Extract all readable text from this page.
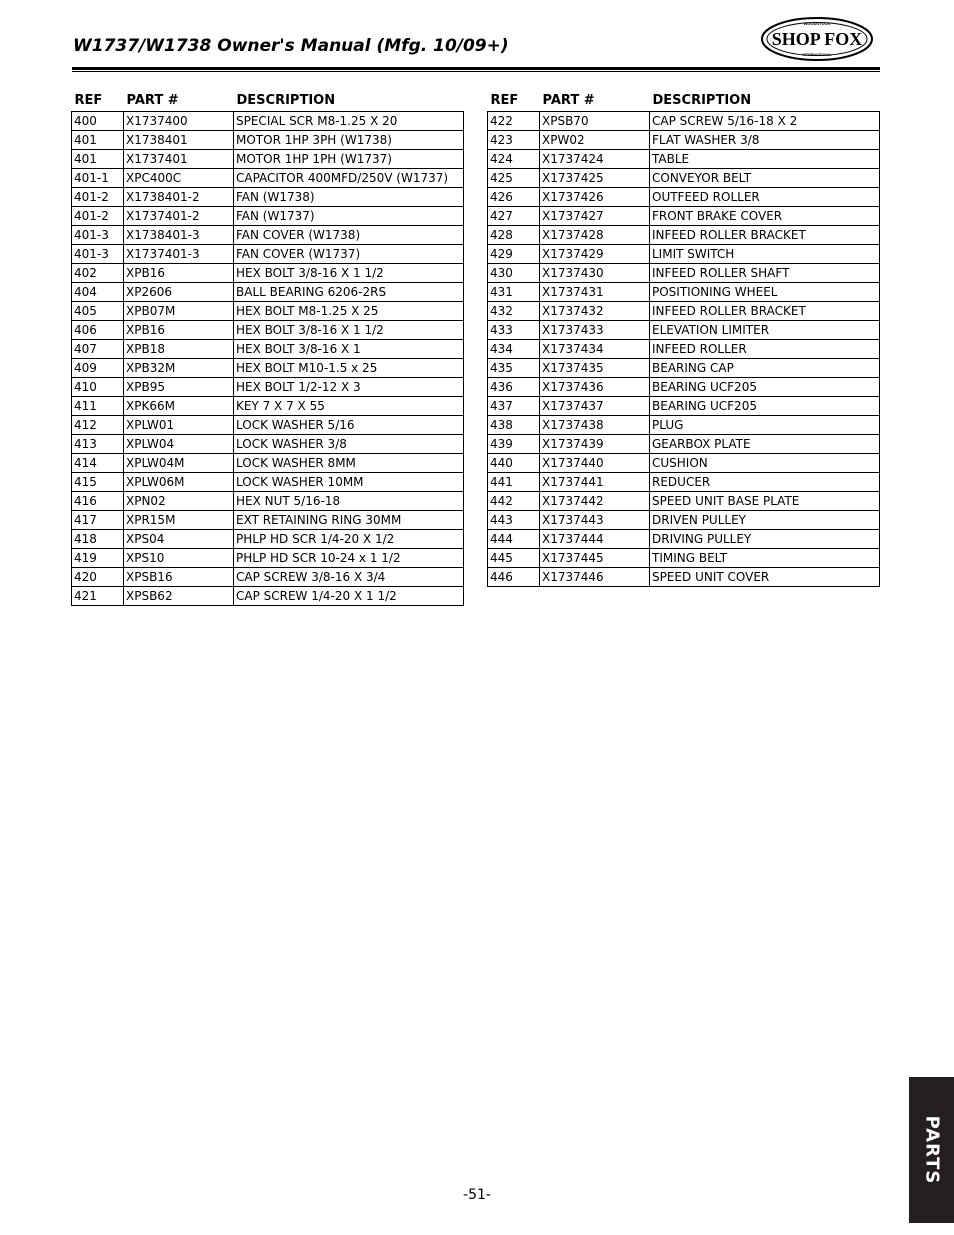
W1737/W1738 Owner's Manual (Mfg. 10/09+)
WOODSTOCK
SHOP FOX
INTERNATIONAL
REF	PART #	DESCRIPTION
400	X1737400	SPECIAL SCR M8-1.25 X 20
401	X1738401	MOTOR 1HP 3PH (W1738)
401	X1737401	MOTOR 1HP 1PH (W1737)
401-1	XPC400C	CAPACITOR 400MFD/250V (W1737)
401-2	X1738401-2	FAN (W1738)
401-2	X1737401-2	FAN (W1737)
401-3	X1738401-3	FAN COVER (W1738)
401-3	X1737401-3	FAN COVER (W1737)
402	XPB16	HEX BOLT 3/8-16 X 1 1/2
404	XP2606	BALL BEARING 6206-2RS
405	XPB07M	HEX BOLT M8-1.25 X 25
406	XPB16	HEX BOLT 3/8-16 X 1 1/2
407	XPB18	HEX BOLT 3/8-16 X 1
409	XPB32M	HEX BOLT M10-1.5 x 25
410	XPB95	HEX BOLT 1/2-12 X 3
411	XPK66M	KEY 7 X 7 X 55
412	XPLW01	LOCK WASHER 5/16
413	XPLW04	LOCK WASHER 3/8
414	XPLW04M	LOCK WASHER 8MM
415	XPLW06M	LOCK WASHER 10MM
416	XPN02	HEX NUT 5/16-18
417	XPR15M	EXT RETAINING RING 30MM
418	XPS04	PHLP HD SCR 1/4-20 X 1/2
419	XPS10	PHLP HD SCR 10-24 x 1 1/2
420	XPSB16	CAP SCREW 3/8-16 X 3/4
421	XPSB62	CAP SCREW 1/4-20 X 1 1/2
REF	PART #	DESCRIPTION
422	XPSB70	CAP SCREW 5/16-18 X 2
423	XPW02	FLAT WASHER 3/8
424	X1737424	TABLE
425	X1737425	CONVEYOR BELT
426	X1737426	OUTFEED ROLLER
427	X1737427	FRONT BRAKE COVER
428	X1737428	INFEED ROLLER BRACKET
429	X1737429	LIMIT SWITCH
430	X1737430	INFEED ROLLER SHAFT
431	X1737431	POSITIONING WHEEL
432	X1737432	INFEED ROLLER BRACKET
433	X1737433	ELEVATION LIMITER
434	X1737434	INFEED ROLLER
435	X1737435	BEARING CAP
436	X1737436	BEARING UCF205
437	X1737437	BEARING UCF205
438	X1737438	PLUG
439	X1737439	GEARBOX PLATE
440	X1737440	CUSHION
441	X1737441	REDUCER
442	X1737442	SPEED UNIT BASE PLATE
443	X1737443	DRIVEN PULLEY
444	X1737444	DRIVING PULLEY
445	X1737445	TIMING BELT
446	X1737446	SPEED UNIT COVER
-51-
PARTS
